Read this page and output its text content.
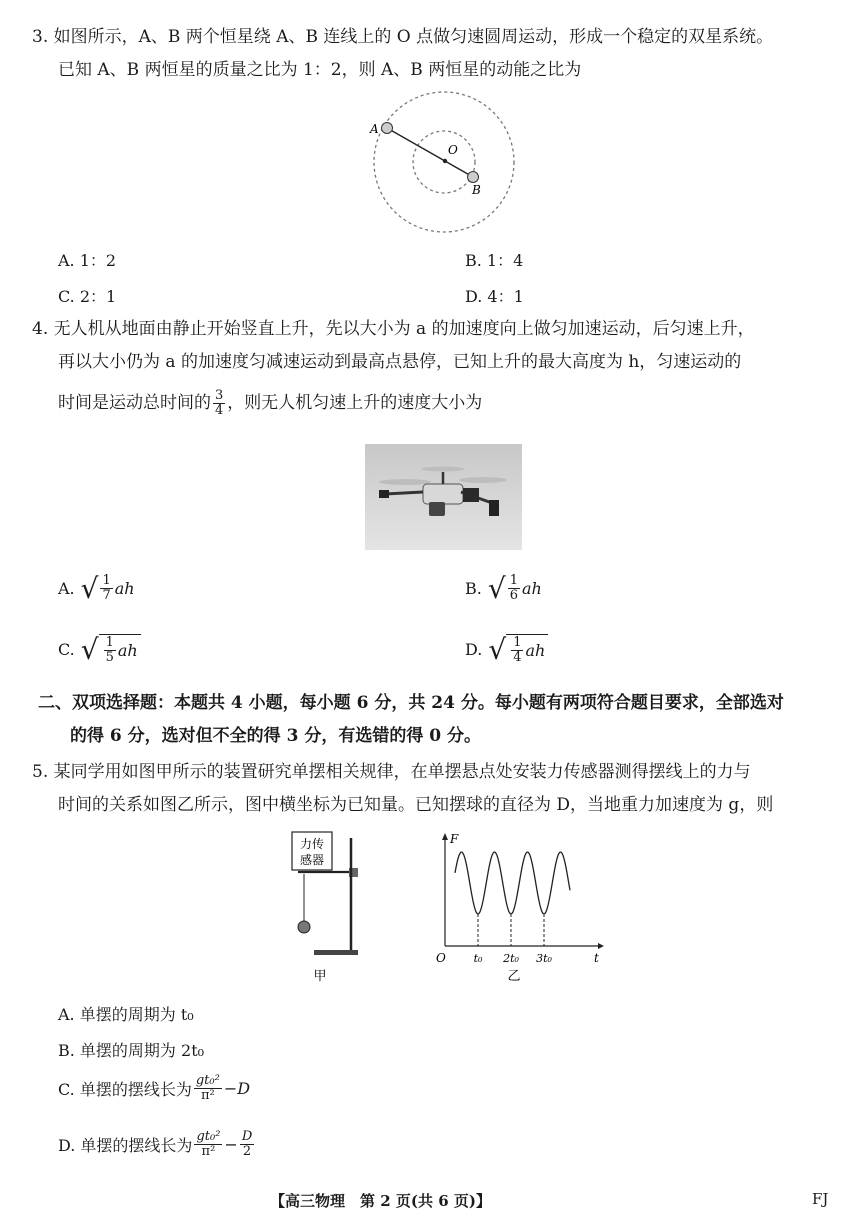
3. 如图所示，A、B 两个恒星绕 A、B 连线上的 O 点做匀速圆周运动，形成一个稳定的双星系统。
已知 A、B 两恒星的质量之比为 1：2，则 A、B 两恒星的动能之比为
A
O
B
A. 1：2	B. 1：4
C. 2：1	D. 4：1
4. 无人机从地面由静止开始竖直上升，先以大小为 a 的加速度向上做匀加速运动，后匀速上升，
再以大小仍为 a 的加速度匀减速运动到最高点悬停，已知上升的最大高度为 h，匀速运动的
时间是运动总时间的 $\frac{3}{4}$ ，则无人机匀速上升的速度大小为
A. √ $\frac{1}{7}$ ah	B. √ $\frac{1}{6}$ ah
C. √ $\frac{1}{5}$ ah	D. √ $\frac{1}{4}$ ah
二、双项选择题：本题共 4 小题，每小题 6 分，共 24 分。每小题有两项符合题目要求，全部选对
的得 6 分，选对但不全的得 3 分，有选错的得 0 分。
5. 某同学用如图甲所示的装置研究单摆相关规律，在单摆悬点处安装力传感器测得摆线上的力与
时间的关系如图乙所示，图中横坐标为已知量。已知摆球的直径为 D，当地重力加速度为 g，则
力传
感器
甲
F
t
O	t₀ 2t₀ 3t₀
乙
A. 单摆的周期为 t₀
B. 单摆的周期为 2t₀
C. 单摆的摆线长为 $\frac{\text{gt₀²}}{\text{π²}} -D$
D. 单摆的摆线长为 $\frac{\text{gt₀²}}{\text{π²}} - \frac{D}{2}$
【高三物理　第 2 页(共 6 页)】	FJ
